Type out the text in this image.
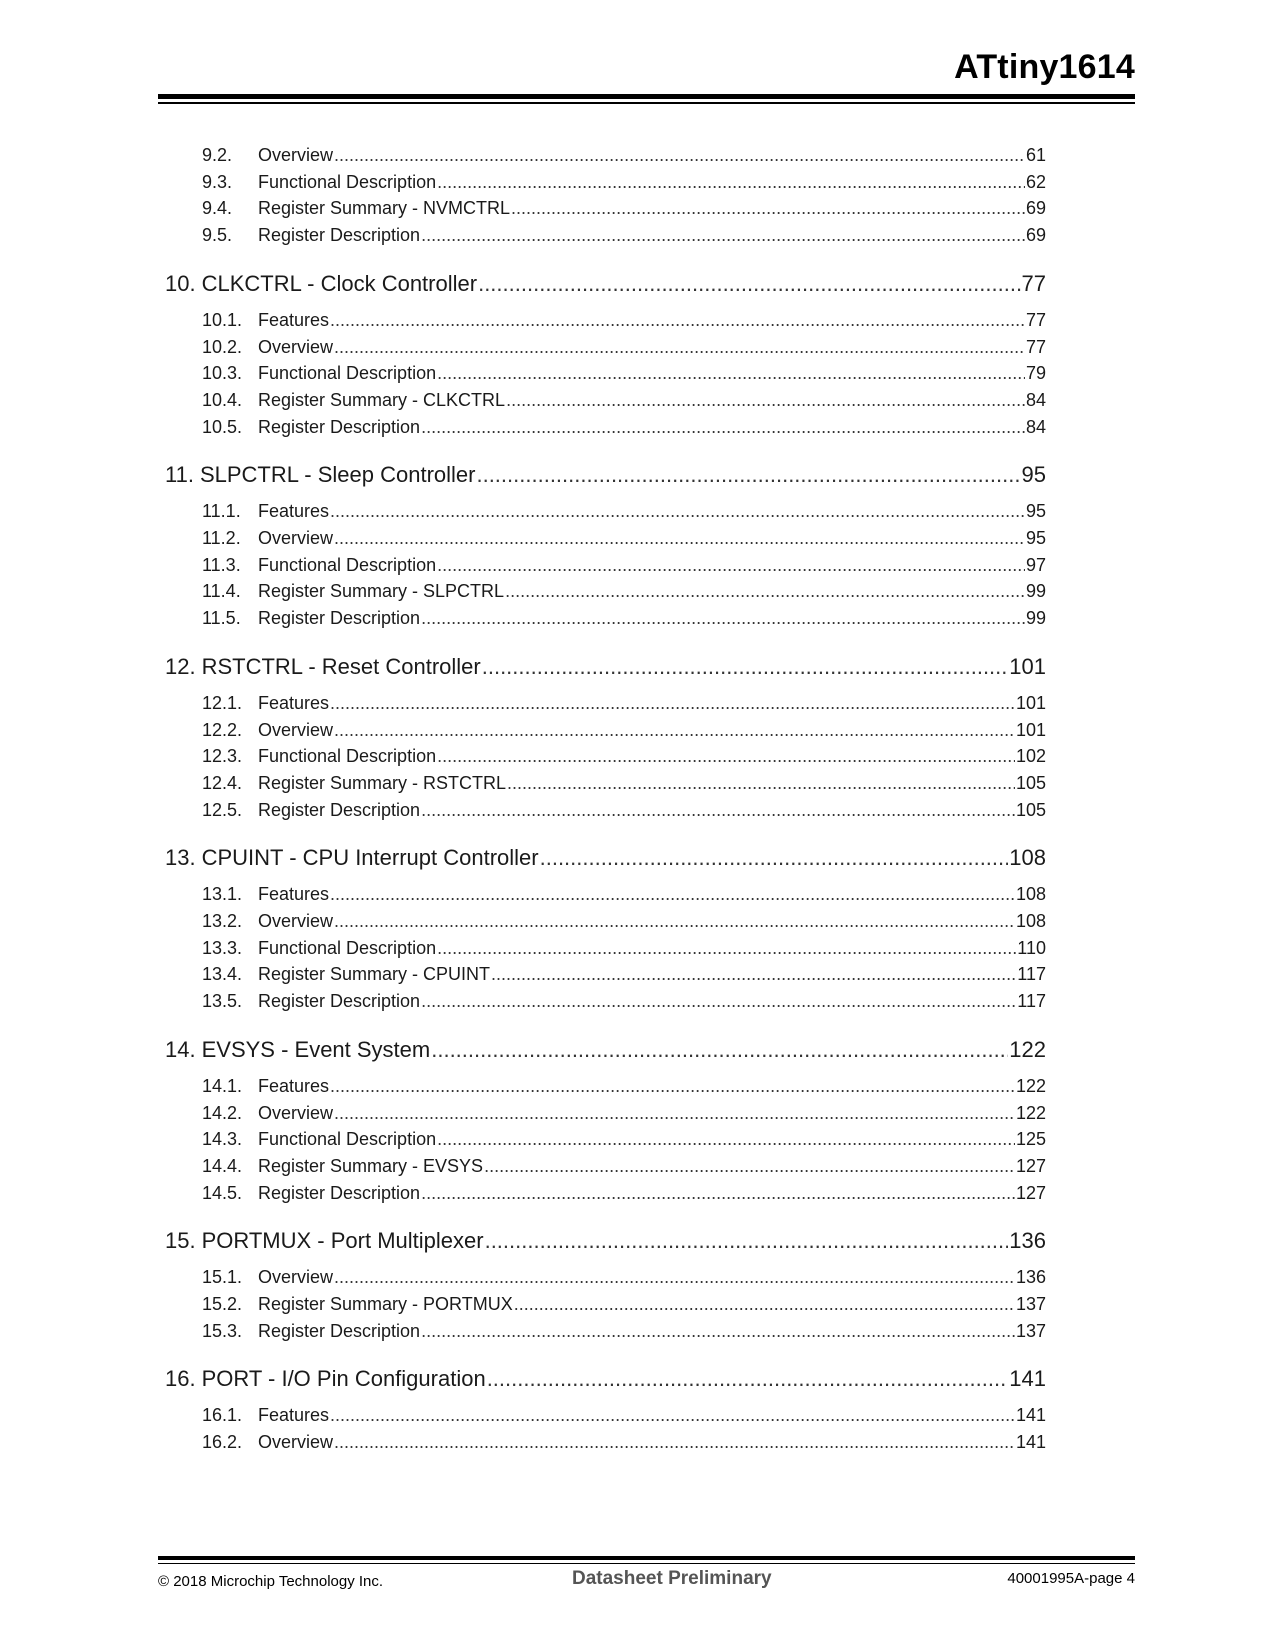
ATtiny1614
9.2.	Overview .....	61
9.3.	Functional Description .....	62
9.4.	Register Summary - NVMCTRL .....	69
9.5.	Register Description .....	69
10. CLKCTRL - Clock Controller .....	77
10.1. Features .....	77
10.2. Overview .....	77
10.3. Functional Description .....	79
10.4. Register Summary - CLKCTRL .....	84
10.5. Register Description .....	84
11. SLPCTRL - Sleep Controller .....	95
11.1. Features .....	95
11.2. Overview .....	95
11.3. Functional Description .....	97
11.4. Register Summary - SLPCTRL .....	99
11.5. Register Description .....	99
12. RSTCTRL - Reset Controller .....	101
12.1. Features .....	101
12.2. Overview .....	101
12.3. Functional Description .....	102
12.4. Register Summary - RSTCTRL .....	105
12.5. Register Description .....	105
13. CPUINT - CPU Interrupt Controller .....	108
13.1. Features .....	108
13.2. Overview .....	108
13.3. Functional Description .....	110
13.4. Register Summary - CPUINT .....	117
13.5. Register Description .....	117
14. EVSYS - Event System .....	122
14.1. Features .....	122
14.2. Overview .....	122
14.3. Functional Description .....	125
14.4. Register Summary - EVSYS .....	127
14.5. Register Description .....	127
15. PORTMUX - Port Multiplexer .....	136
15.1. Overview .....	136
15.2. Register Summary - PORTMUX .....	137
15.3. Register Description .....	137
16. PORT - I/O Pin Configuration .....	141
16.1. Features .....	141
16.2. Overview .....	141
© 2018 Microchip Technology Inc.	Datasheet Preliminary	40001995A-page 4
